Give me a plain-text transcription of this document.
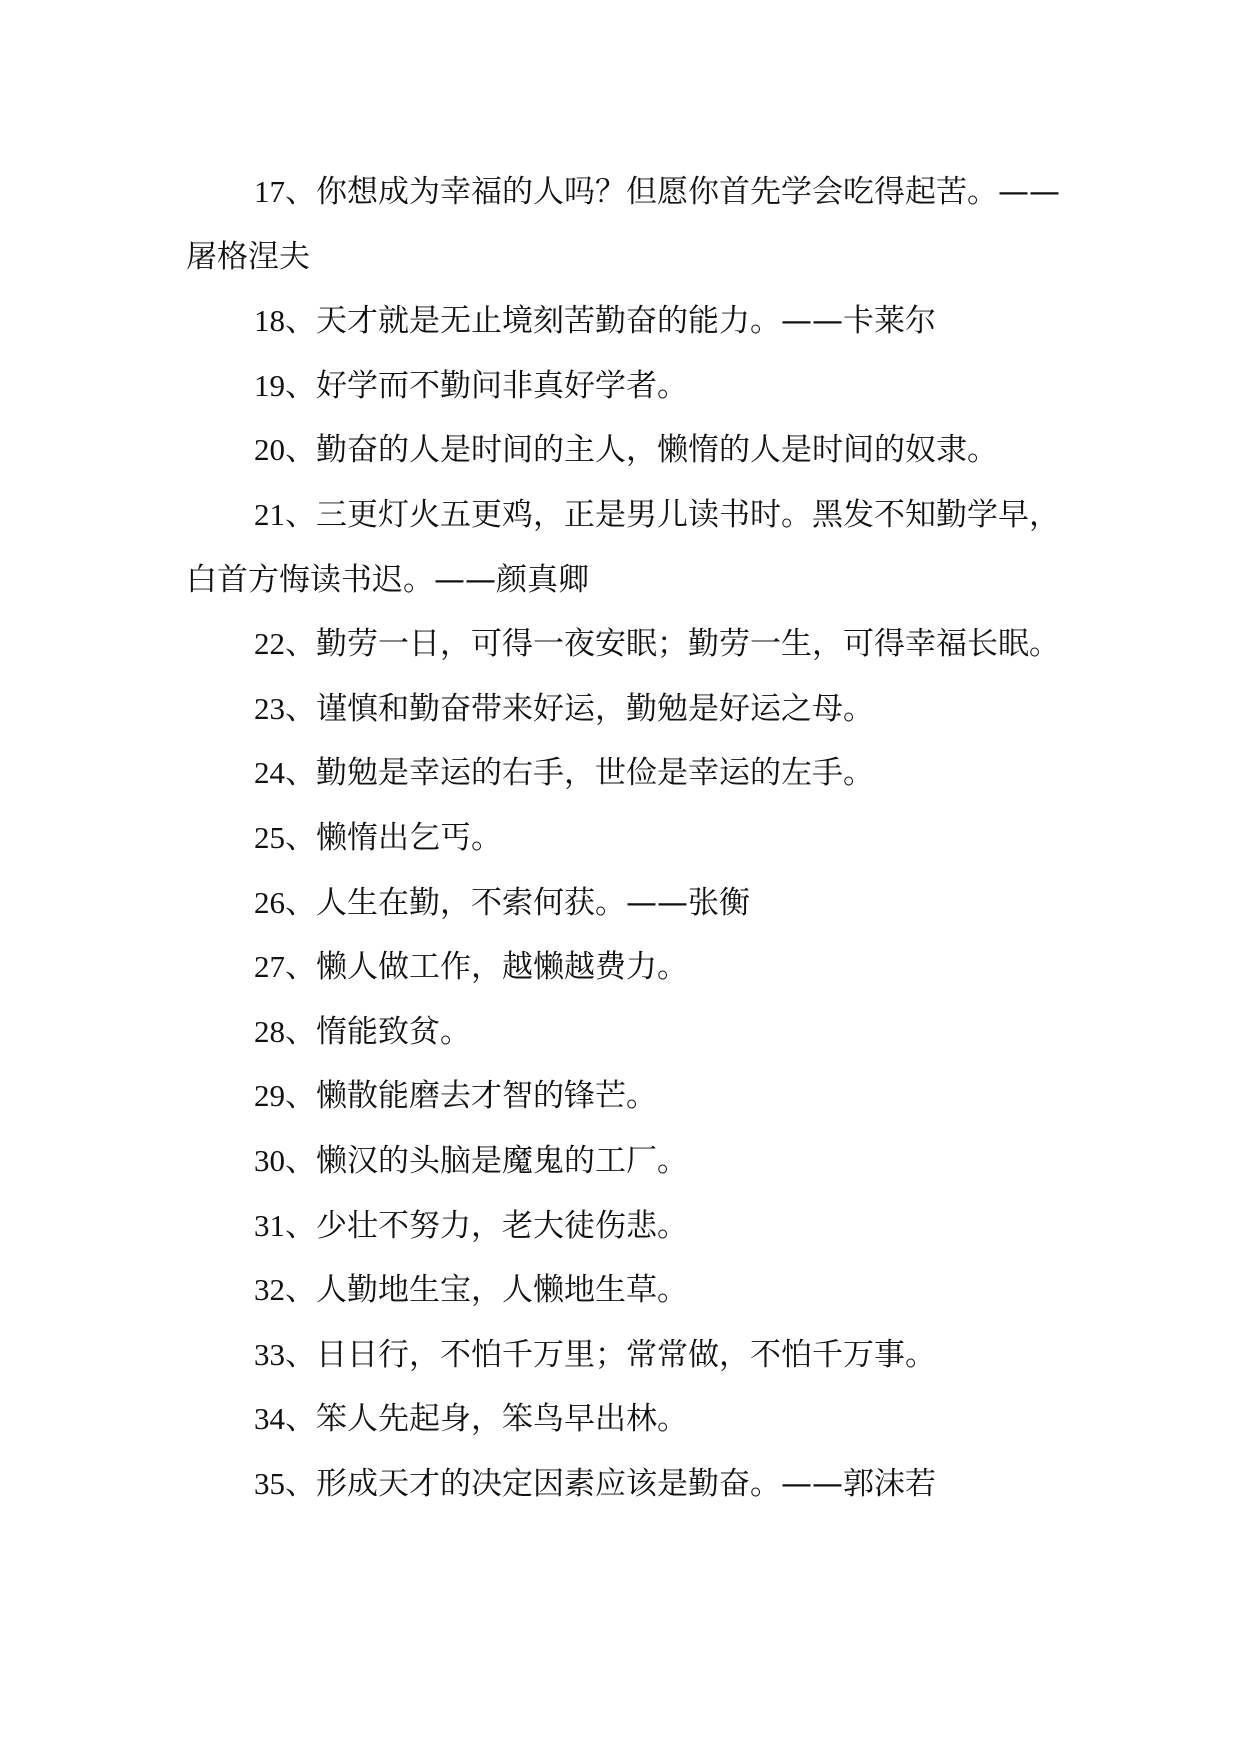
17、你想成为幸福的人吗？但愿你首先学会吃得起苦。——屠格涅夫

18、天才就是无止境刻苦勤奋的能力。——卡莱尔

19、好学而不勤问非真好学者。

20、勤奋的人是时间的主人，懒惰的人是时间的奴隶。

21、三更灯火五更鸡，正是男儿读书时。黑发不知勤学早，白首方悔读书迟。——颜真卿

22、勤劳一日，可得一夜安眠；勤劳一生，可得幸福长眠。

23、谨慎和勤奋带来好运，勤勉是好运之母。

24、勤勉是幸运的右手，世俭是幸运的左手。

25、懒惰出乞丐。

26、人生在勤，不索何获。——张衡

27、懒人做工作，越懒越费力。

28、惰能致贫。

29、懒散能磨去才智的锋芒。

30、懒汉的头脑是魔鬼的工厂。

31、少壮不努力，老大徒伤悲。

32、人勤地生宝，人懒地生草。

33、日日行，不怕千万里；常常做，不怕千万事。

34、笨人先起身，笨鸟早出林。

35、形成天才的决定因素应该是勤奋。——郭沫若
